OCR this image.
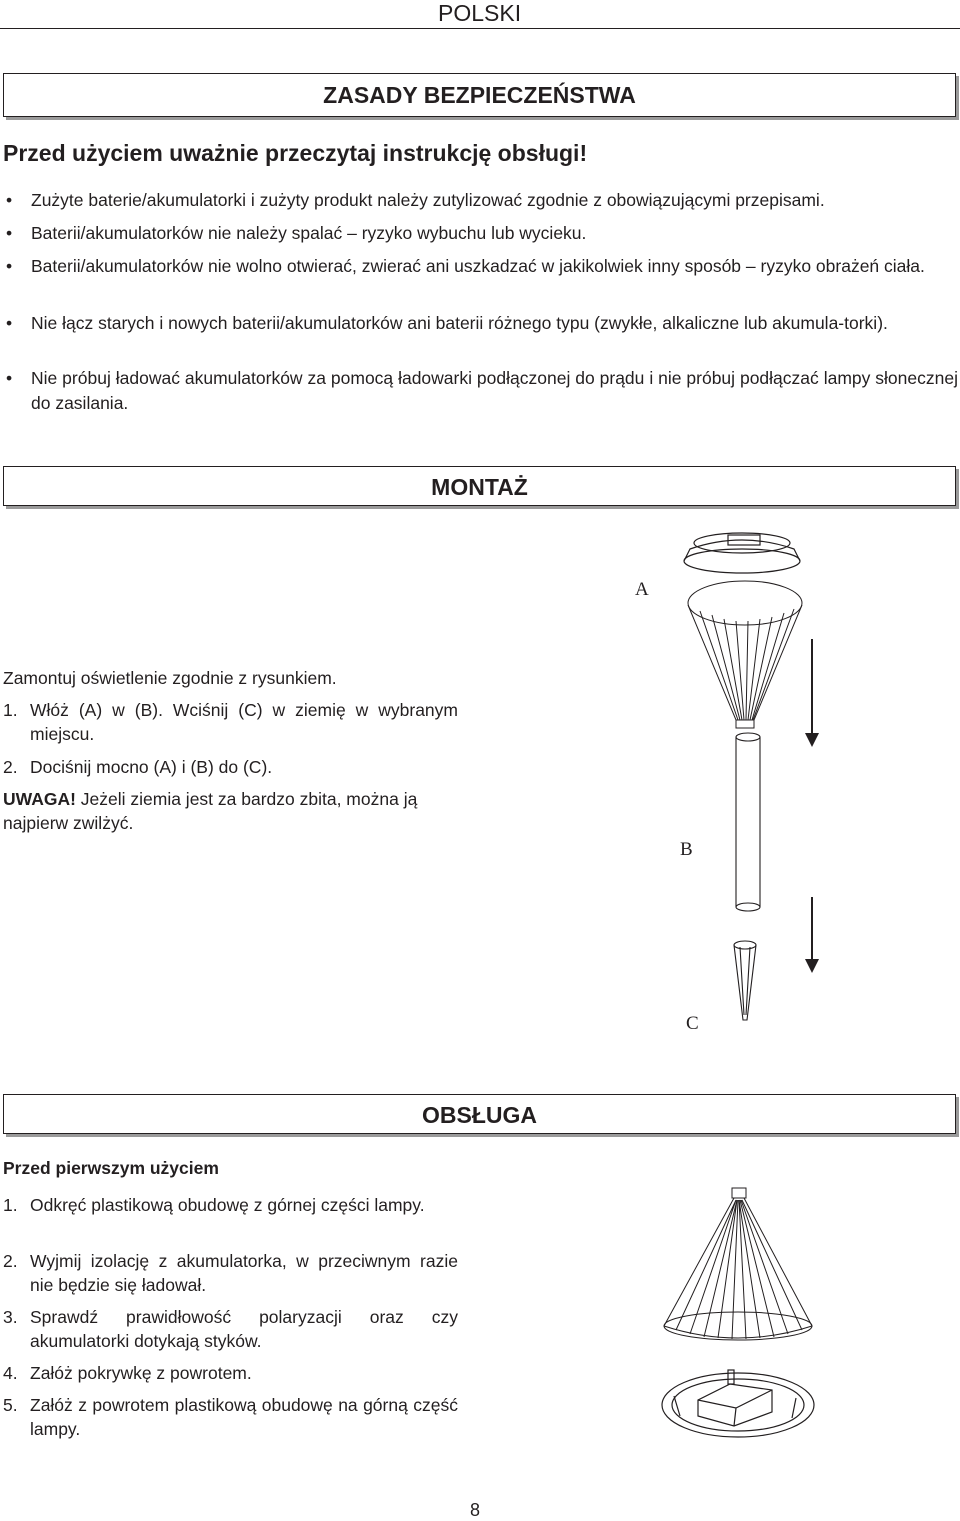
POLSKI
ZASADY BEZPIECZEŃSTWA
Przed użyciem uważnie przeczytaj instrukcję obsługi!
• Zużyte baterie/akumulatorki i zużyty produkt należy zutylizować zgodnie z obowiązującymi przepisami.
• Baterii/akumulatorków nie należy spalać – ryzyko wybuchu lub wycieku.
• Baterii/akumulatorków nie wolno otwierać, zwierać ani uszkadzać w jakikolwiek inny sposób – ryzyko obrażeń ciała.
• Nie łącz starych i nowych baterii/akumulatorków ani baterii różnego typu (zwykłe, alkaliczne lub akumula-torki).
• Nie próbuj ładować akumulatorków za pomocą ładowarki podłączonej do prądu i nie próbuj podłączać lampy słonecznej do zasilania.
MONTAŻ
Zamontuj oświetlenie zgodnie z rysunkiem.
1. Włóż (A) w (B). Wciśnij (C) w ziemię w wybranym miejscu.
2. Dociśnij mocno (A) i (B) do (C).
UWAGA! Jeżeli ziemia jest za bardzo zbita, można ją najpierw zwilżyć.
A
B
C
OBSŁUGA
Przed pierwszym użyciem
1. Odkręć plastikową obudowę z górnej części lampy.
2. Wyjmij izolację z akumulatorka, w przeciwnym razie nie będzie się ładował.
3. Sprawdź prawidłowość polaryzacji oraz czy akumulatorki dotykają styków.
4. Załóż pokrywkę z powrotem.
5. Załóż z powrotem plastikową obudowę na górną część lampy.
8
